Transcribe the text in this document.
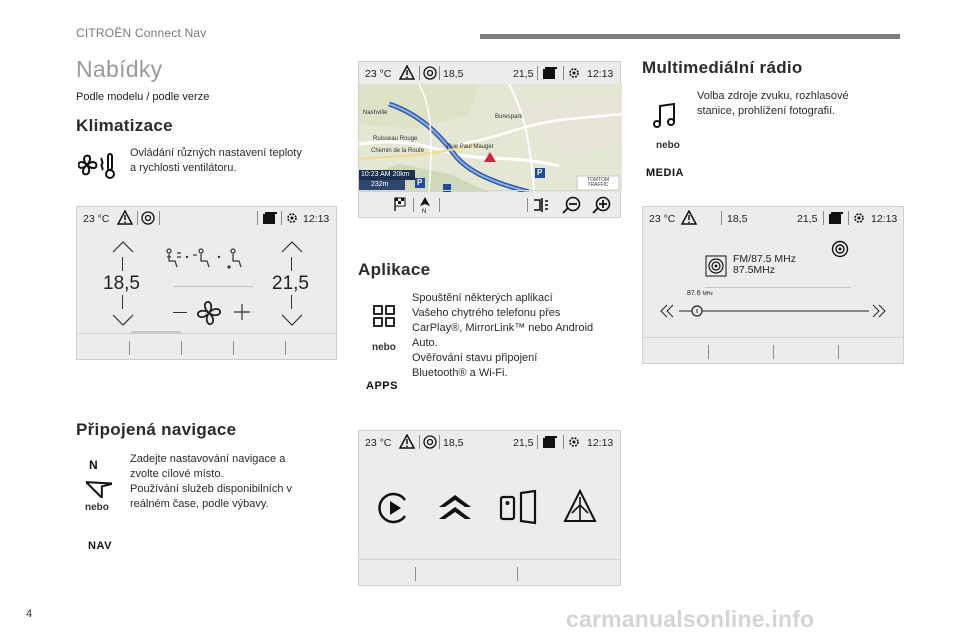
CITROËN Connect Nav
Nabídky
Podle modelu / podle verze
Klimatizace
Ovládání různých nastavení teploty
a rychlosti ventilátoru.
23 °C	12:13
18,5	21,5
Připojená navigace
N
nebo
NAV
Zadejte nastavování navigace a
zvolte cílové místo.
Používání služeb disponibilních v
reálném čase, podle výbavy.
23 °C	18,5	21,5	12:13
Nashville
Ruisseau Rouge
Burespark
Rue Paul Mauger
Chemin de la Route
10:23 AM 20km
232m	P
P
TOMTOM TRAFFIC
N
Aplikace
nebo
APPS
Spouštění některých aplikací
Vašeho chytrého telefonu přes
CarPlay®, MirrorLink™ nebo Android
Auto.
Ověřování stavu připojení
Bluetooth® a Wi-Fi.
23 °C	18,5	21,5	12:13
Multimediální rádio
nebo
MEDIA
Volba zdroje zvuku, rozhlasové
stanice, prohlížení fotografií.
23 °C	18,5	21,5	12:13
FM/87.5 MHz
87.5MHz
87.6 MHz
4	carmanualsonline.info
